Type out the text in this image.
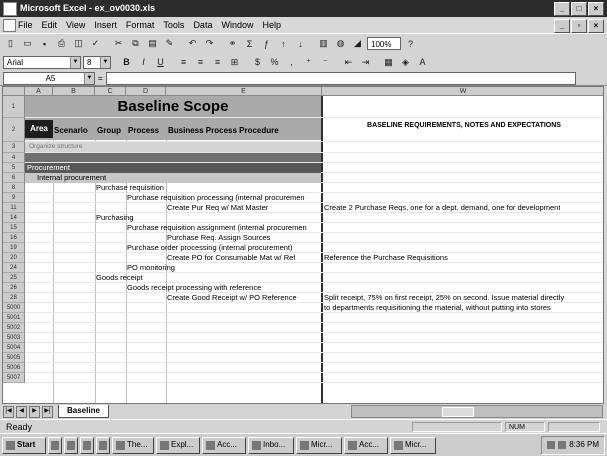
Microsoft Excel - ex_ov0030.xls	_	□	×
File Edit View Insert Format Tools Data Window Help	_	▫	×
▯	▭	▪	⎙	◫ ✓	✂	⧉	▤ ✎	↶	↷	⚭	Σ	ƒ	↑	↓	▥ ◍	◢	100%	?
Arial	▼	8	▼	B	I	U	≡	≡	≡	⊞	$	%	,	⁺	⁻	⇤	⇥	▦	◈	A
A5	▼ =
A	B	C	D	E	W
Baseline Scope
Area Scenario Group Process Business Process Procedure
BASELINE REQUIREMENTS, NOTES AND EXPECTATIONS
Organize structure
1
2
3
4
5
6
8
9
11
14
15
16
19
20
24
25
26
28
5000
5001
5002
5003
5004
5005
5006
5007
Procurement
Internal procurement
Purchase requisition
Purchase requisition processing (internal procuremen
Create Pur Req w/ Mat Master	Create 2 Purchase Reqs, one for a dept. demand, one for development
Purchasing
Purchase requisition assignment (internal procuremen
Purchase Req. Assign Sources
Purchase order processing (internal procurement)
Create PO for Consumable Mat w/ Ref	Reference the Purchase Requisitions
PO monitoring
Goods receipt
Goods receipt processing with reference
Create Good Receipt w/ PO Reference	Split receipt, 75% on first receipt, 25% on second. Issue material directly
to departments requisitioning the material, without putting into stores
|◀	◀	▶	▶|	Baseline
Ready	NUM
Start	The...	Expl...	Acc...	Inbo...	Micr...	Acc...	Micr...	8:36 PM
